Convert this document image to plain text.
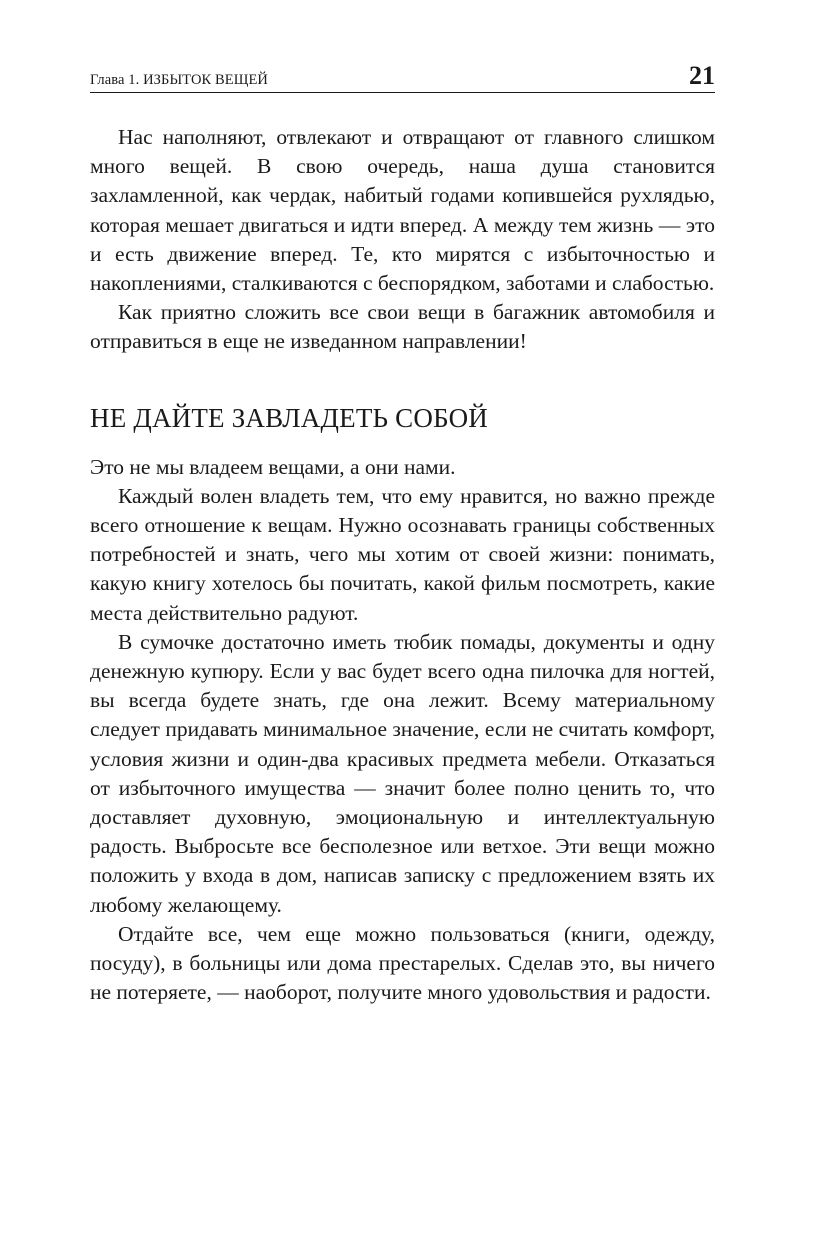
Глава 1. ИЗБЫТОК ВЕЩЕЙ	21

Нас наполняют, отвлекают и отвращают от главного слишком много вещей. В свою очередь, наша душа становится захламленной, как чердак, набитый годами копившейся рухлядью, которая мешает двигаться и идти вперед. А между тем жизнь — это и есть движение вперед. Те, кто мирятся с избыточностью и накоплениями, сталкиваются с беспорядком, заботами и слабостью.

Как приятно сложить все свои вещи в багажник автомобиля и отправиться в еще не изведанном направлении!

НЕ ДАЙТЕ ЗАВЛАДЕТЬ СОБОЙ

Это не мы владеем вещами, а они нами.

Каждый волен владеть тем, что ему нравится, но важно прежде всего отношение к вещам. Нужно осознавать границы собственных потребностей и знать, чего мы хотим от своей жизни: понимать, какую книгу хотелось бы почитать, какой фильм посмотреть, какие места действительно радуют.

В сумочке достаточно иметь тюбик помады, документы и одну денежную купюру. Если у вас будет всего одна пилочка для ногтей, вы всегда будете знать, где она лежит. Всему материальному следует придавать минимальное значение, если не считать комфорт, условия жизни и один-два красивых предмета мебели. Отказаться от избыточного имущества — значит более полно ценить то, что доставляет духовную, эмоциональную и интеллектуальную радость. Выбросьте все бесполезное или ветхое. Эти вещи можно положить у входа в дом, написав записку с предложением взять их любому желающему.

Отдайте все, чем еще можно пользоваться (книги, одежду, посуду), в больницы или дома престарелых. Сделав это, вы ничего не потеряете, — наоборот, получите много удовольствия и радости.
